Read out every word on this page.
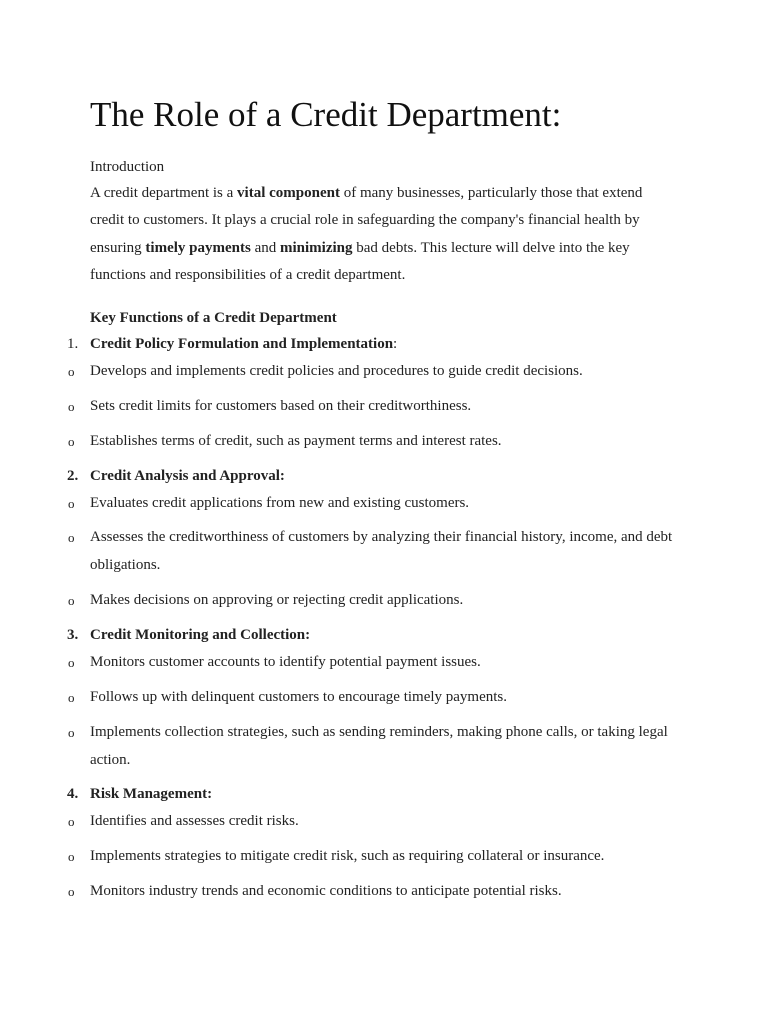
The Role of a Credit Department:
Introduction

A credit department is a vital component of many businesses, particularly those that extend credit to customers. It plays a crucial role in safeguarding the company's financial health by ensuring timely payments and minimizing bad debts. This lecture will delve into the key functions and responsibilities of a credit department.

Key Functions of a Credit Department
1. Credit Policy Formulation and Implementation:
o Develops and implements credit policies and procedures to guide credit decisions.
o Sets credit limits for customers based on their creditworthiness.
o Establishes terms of credit, such as payment terms and interest rates.
2. Credit Analysis and Approval:
o Evaluates credit applications from new and existing customers.
o Assesses the creditworthiness of customers by analyzing their financial history, income, and debt obligations.
o Makes decisions on approving or rejecting credit applications.
3. Credit Monitoring and Collection:
o Monitors customer accounts to identify potential payment issues.
o Follows up with delinquent customers to encourage timely payments.
o Implements collection strategies, such as sending reminders, making phone calls, or taking legal action.
4. Risk Management:
o Identifies and assesses credit risks.
o Implements strategies to mitigate credit risk, such as requiring collateral or insurance.
o Monitors industry trends and economic conditions to anticipate potential risks.
